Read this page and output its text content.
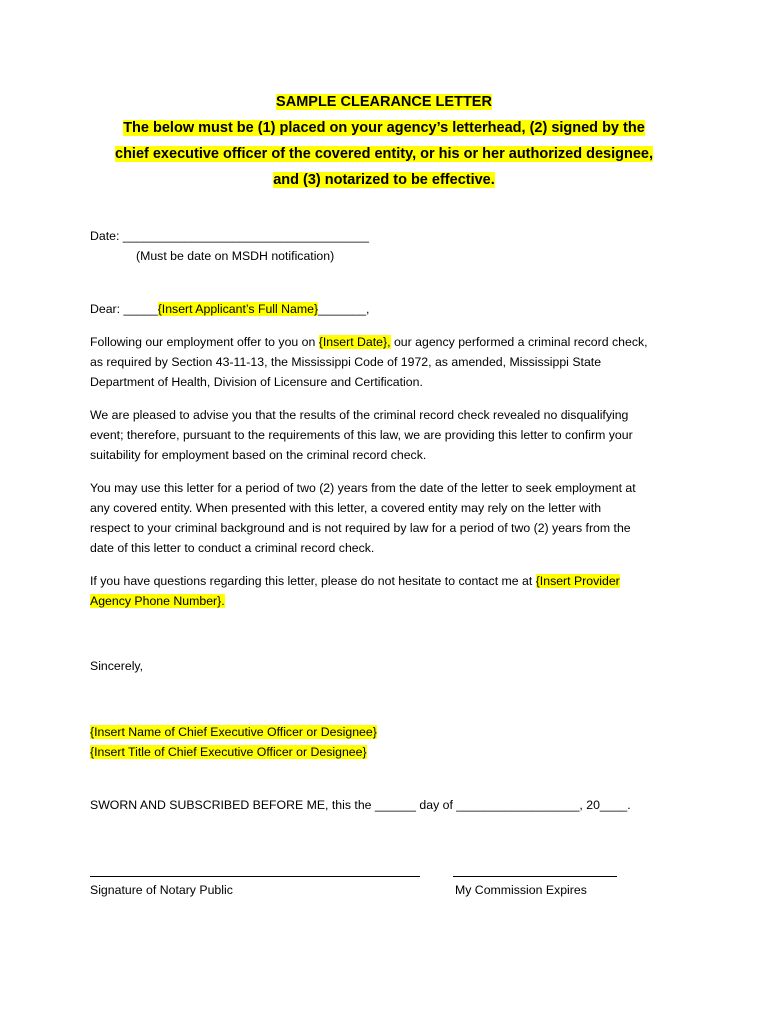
SAMPLE CLEARANCE LETTER
The below must be (1) placed on your agency’s letterhead, (2) signed by the
chief executive officer of the covered entity, or his or her authorized designee,
and (3) notarized to be effective.
Date: ____________________________________
(Must be date on MSDH notification)
Dear: _____{Insert Applicant’s Full Name}_______,
Following our employment offer to you on {Insert Date}, our agency performed a criminal record check,
as required by Section 43-11-13, the Mississippi Code of 1972, as amended, Mississippi State
Department of Health, Division of Licensure and Certification.
We are pleased to advise you that the results of the criminal record check revealed no disqualifying
event; therefore, pursuant to the requirements of this law, we are providing this letter to confirm your
suitability for employment based on the criminal record check.
You may use this letter for a period of two (2) years from the date of the letter to seek employment at
any covered entity. When presented with this letter, a covered entity may rely on the letter with
respect to your criminal background and is not required by law for a period of two (2) years from the
date of this letter to conduct a criminal record check.
If you have questions regarding this letter, please do not hesitate to contact me at {Insert Provider
Agency Phone Number}.
Sincerely,
{Insert Name of Chief Executive Officer or Designee}
{Insert Title of Chief Executive Officer or Designee}
SWORN AND SUBSCRIBED BEFORE ME, this the ______ day of __________________, 20____.
Signature of Notary Public	My Commission Expires
